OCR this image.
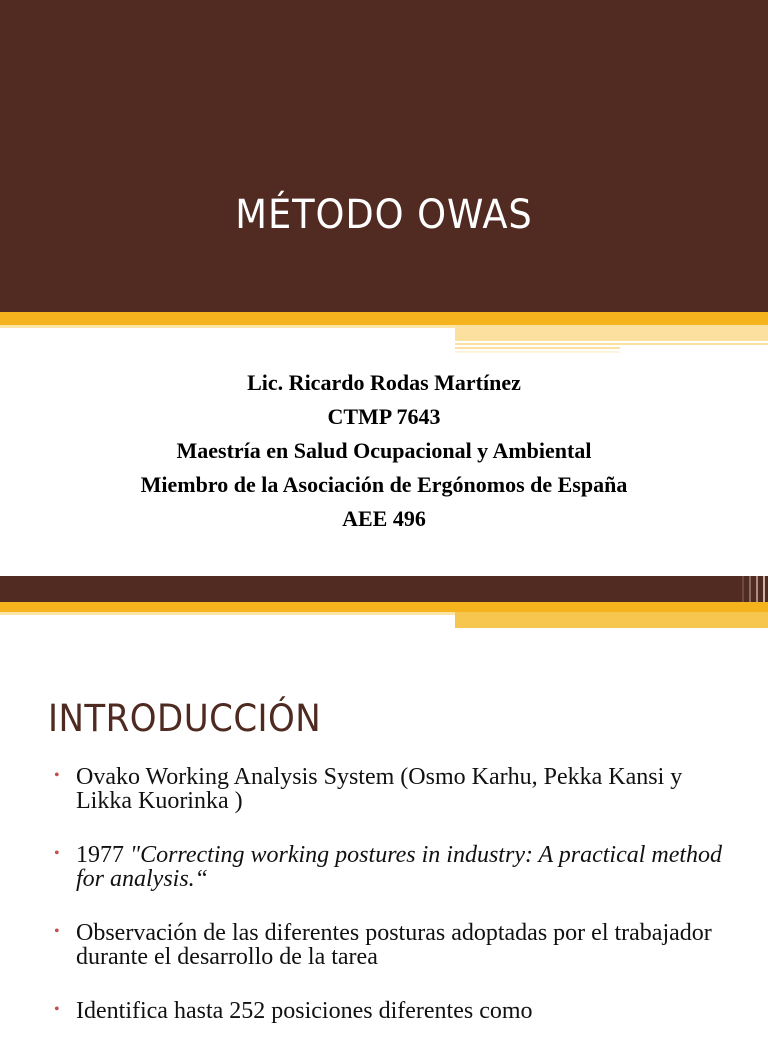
MÉTODO OWAS
Lic. Ricardo Rodas Martínez
CTMP 7643
Maestría en Salud Ocupacional y Ambiental
Miembro de la Asociación de Ergónomos de España
AEE 496
INTRODUCCIÓN
• Ovako Working Analysis System (Osmo Karhu, Pekka Kansi y Likka Kuorinka )
• 1977 "Correcting working postures in industry: A practical method for analysis.“
• Observación de las diferentes posturas adoptadas por el trabajador durante el desarrollo de la tarea
• Identifica hasta 252 posiciones diferentes como
